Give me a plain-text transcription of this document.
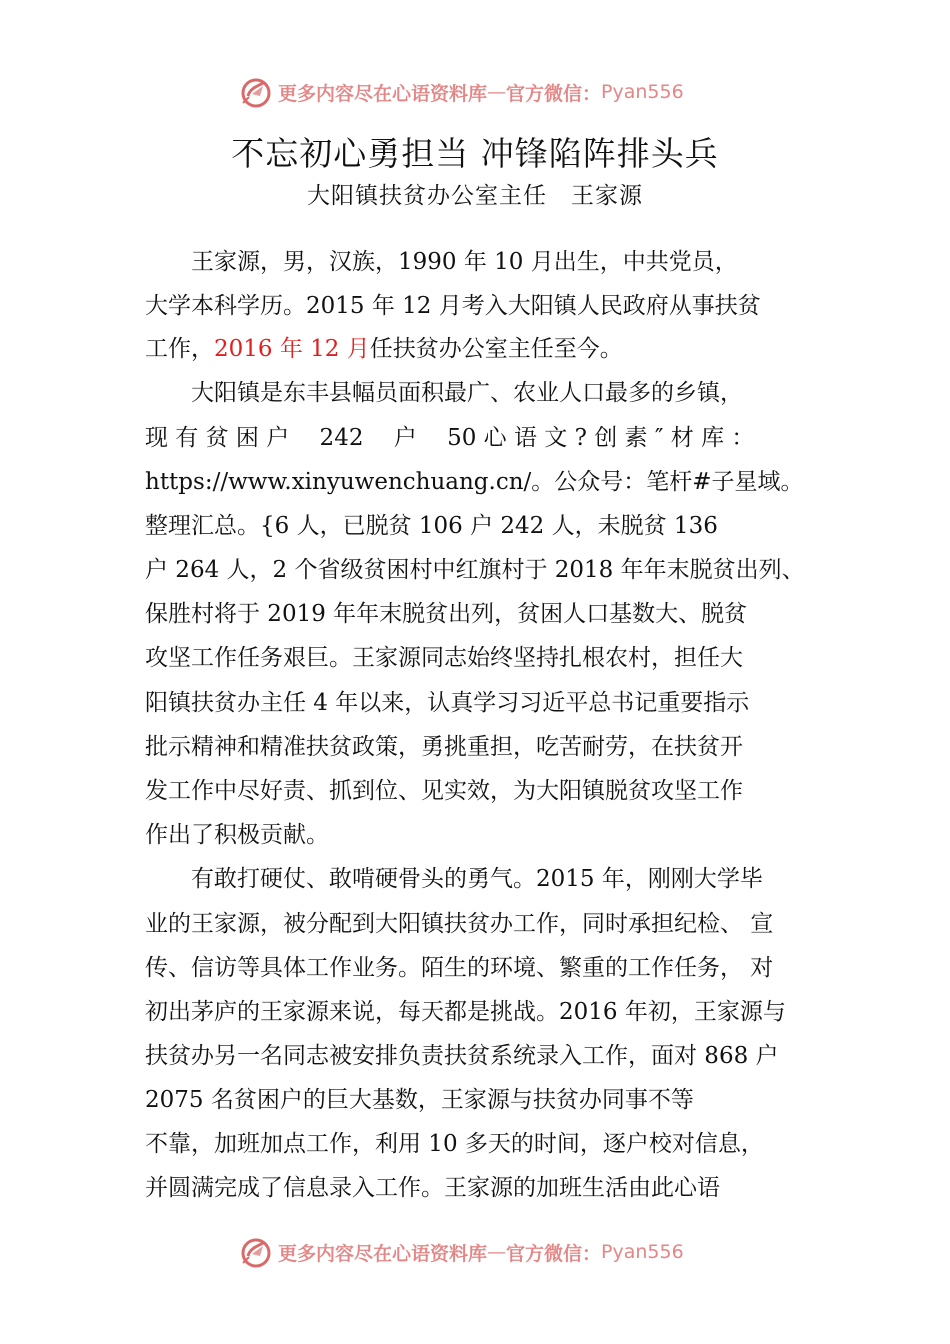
更多内容尽在心语资料库 — 官方微信： Pyan556
不忘初心勇担当 冲锋陷阵排头兵
大阳镇扶贫办公室主任　王家源
　　王家源，男，汉族，1990 年 10 月出生，中共党员，
大学本科学历。2015 年 12 月考入大阳镇人民政府从事扶贫
工作，2016 年 12 月任扶贫办公室主任至今。
　　大阳镇是东丰县幅员面积最广、农业人口最多的乡镇，
现 有 贫 困 户　 242 　户　 50 心 语 文 ? 创 素 ″ 材 库 ：
https://www.xinyuwenchuang.cn/。公众号：笔杆#子星域。
整理汇总。{6 人，已脱贫 106 户 242 人，未脱贫 136
户 264 人，2 个省级贫困村中红旗村于 2018 年年末脱贫出列、
保胜村将于 2019 年年末脱贫出列，贫困人口基数大、脱贫
攻坚工作任务艰巨。王家源同志始终坚持扎根农村，担任大
阳镇扶贫办主任 4 年以来，认真学习习近平总书记重要指示
批示精神和精准扶贫政策，勇挑重担，吃苦耐劳，在扶贫开
发工作中尽好责、抓到位、见实效，为大阳镇脱贫攻坚工作
作出了积极贡献。
　　有敢打硬仗、敢啃硬骨头的勇气。2015 年，刚刚大学毕
业的王家源，被分配到大阳镇扶贫办工作，同时承担纪检、 宣
传、信访等具体工作业务。陌生的环境、繁重的工作任务， 对
初出茅庐的王家源来说，每天都是挑战。2016 年初，王家源与
扶贫办另一名同志被安排负责扶贫系统录入工作，面对 868 户
2075 名贫困户的巨大基数，王家源与扶贫办同事不等
不靠，加班加点工作，利用 10 多天的时间，逐户校对信息，
并圆满完成了信息录入工作。王家源的加班生活由此心语
更多内容尽在心语资料库 — 官方微信： Pyan556
